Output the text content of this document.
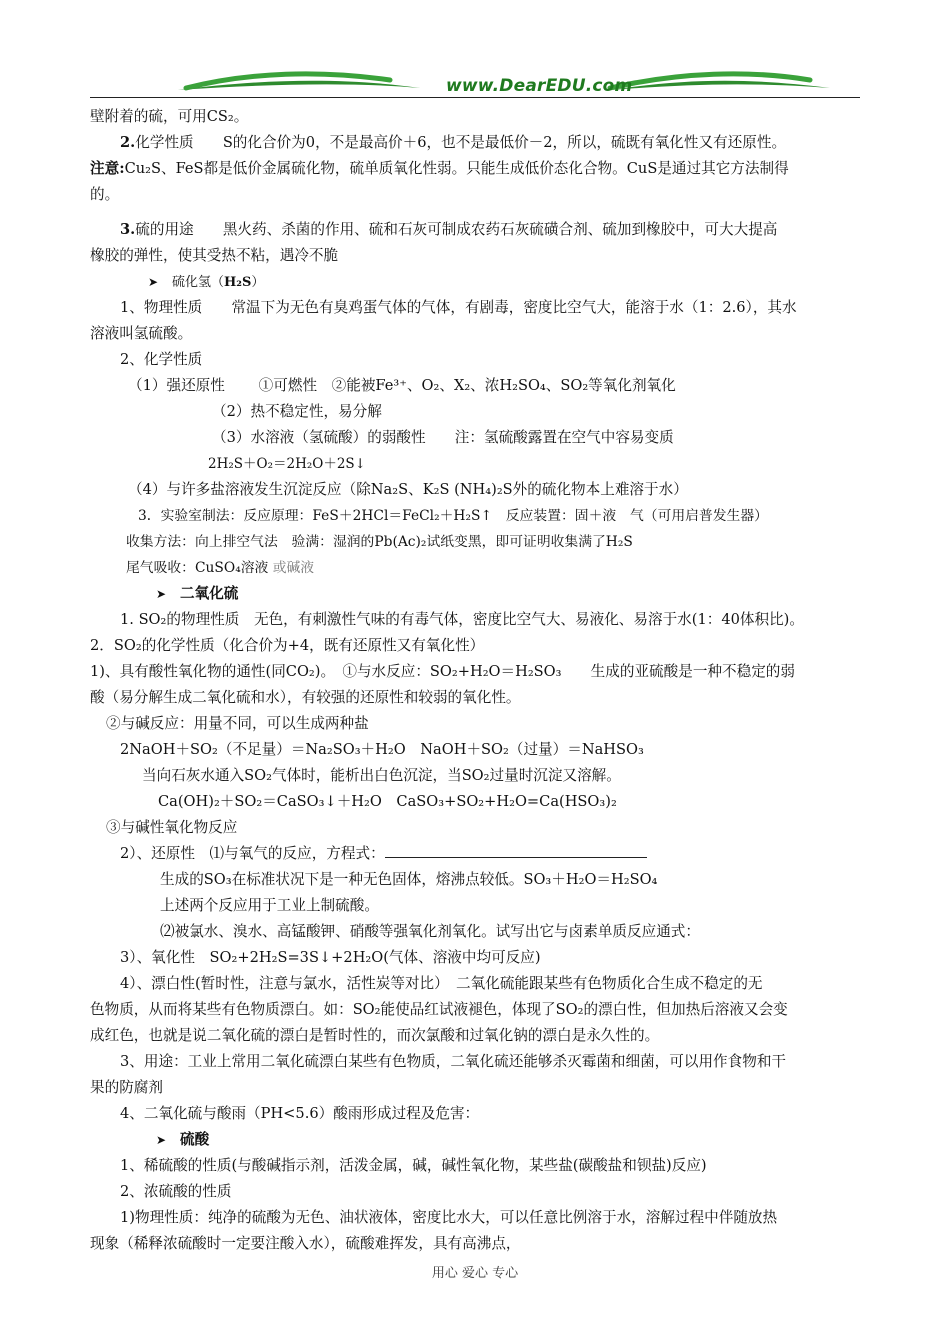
www.DearEDU.com
壁附着的硫，可用CS₂。
2.化学性质　　S的化合价为0，不是最高价＋6，也不是最低价－2，所以，硫既有氧化性又有还原性。
注意:Cu₂S、FeS都是低价金属硫化物，硫单质氧化性弱。只能生成低价态化合物。CuS是通过其它方法制得
的。
3.硫的用途　　黑火药、杀菌的作用、硫和石灰可制成农药石灰硫磺合剂、硫加到橡胶中，可大大提高
橡胶的弹性，使其受热不粘，遇冷不脆
➤ 硫化氢（H₂S）
1、物理性质　　常温下为无色有臭鸡蛋气体的气体，有剧毒，密度比空气大，能溶于水（1：2.6），其水
溶液叫氢硫酸。
2、化学性质
（1）强还原性　　 ①可燃性　②能被Fe³⁺、O₂、X₂、浓H₂SO₄、SO₂等氧化剂氧化
（2）热不稳定性，易分解
（3）水溶液（氢硫酸）的弱酸性　　注：氢硫酸露置在空气中容易变质
2H₂S＋O₂＝2H₂O＋2S↓
（4）与许多盐溶液发生沉淀反应（除Na₂S、K₂S (NH₄)₂S外的硫化物本上难溶于水）
3．实验室制法：反应原理：FeS＋2HCl＝FeCl₂＋H₂S↑　反应装置：固＋液　气（可用启普发生器）
收集方法：向上排空气法　验满：湿润的Pb(Ac)₂试纸变黑，即可证明收集满了H₂S
尾气吸收：CuSO₄溶液 或碱液
➤ 二氧化硫
1. SO₂的物理性质　无色，有刺激性气味的有毒气体，密度比空气大、易液化、易溶于水(1：40体积比)。
2．SO₂的化学性质（化合价为+4，既有还原性又有氧化性）
1)、具有酸性氧化物的通性(同CO₂)。　①与水反应：SO₂+H₂O＝H₂SO₃　　生成的亚硫酸是一种不稳定的弱
酸（易分解生成二氧化硫和水），有较强的还原性和较弱的氧化性。
②与碱反应：用量不同，可以生成两种盐
2NaOH＋SO₂（不足量）＝Na₂SO₃＋H₂O　NaOH＋SO₂（过量）＝NaHSO₃
当向石灰水通入SO₂气体时，能析出白色沉淀，当SO₂过量时沉淀又溶解。
Ca(OH)₂＋SO₂＝CaSO₃↓＋H₂O　CaSO₃+SO₂+H₂O=Ca(HSO₃)₂
③与碱性氧化物反应
2）、还原性　⑴与氧气的反应，方程式：
生成的SO₃在标准状况下是一种无色固体，熔沸点较低。SO₃＋H₂O＝H₂SO₄
上述两个反应用于工业上制硫酸。
⑵被氯水、溴水、高锰酸钾、硝酸等强氧化剂氧化。试写出它与卤素单质反应通式：
3）、氧化性　SO₂+2H₂S=3S↓+2H₂O(气体、溶液中均可反应)
4）、漂白性(暂时性，注意与氯水，活性炭等对比）　二氧化硫能跟某些有色物质化合生成不稳定的无
色物质，从而将某些有色物质漂白。如：SO₂能使品红试液褪色，体现了SO₂的漂白性，但加热后溶液又会变
成红色，也就是说二氧化硫的漂白是暂时性的，而次氯酸和过氧化钠的漂白是永久性的。
3、用途：工业上常用二氧化硫漂白某些有色物质，二氧化硫还能够杀灭霉菌和细菌，可以用作食物和干
果的防腐剂
4、二氧化硫与酸雨（PH<5.6）酸雨形成过程及危害：
➤ 硫酸
1、稀硫酸的性质(与酸碱指示剂，活泼金属，碱，碱性氧化物，某些盐(碳酸盐和钡盐)反应)
2、浓硫酸的性质
1)物理性质：纯净的硫酸为无色、油状液体，密度比水大，可以任意比例溶于水，溶解过程中伴随放热
现象（稀释浓硫酸时一定要注酸入水），硫酸难挥发，具有高沸点，
用心 爱心 专心
